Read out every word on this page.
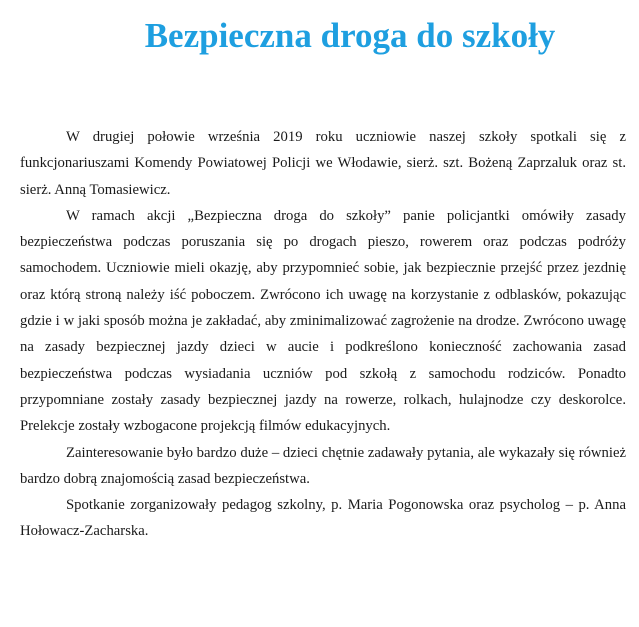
Bezpieczna droga do szkoły

W drugiej połowie września 2019 roku uczniowie naszej szkoły spotkali się z funkcjonariuszami Komendy Powiatowej Policji we Włodawie, sierż. szt. Bożeną Zaprzaluk oraz st. sierż. Anną Tomasiewicz.

W ramach akcji „Bezpieczna droga do szkoły” panie policjantki omówiły zasady bezpieczeństwa podczas poruszania się po drogach pieszo, rowerem oraz podczas podróży samochodem. Uczniowie mieli okazję, aby przypomnieć sobie, jak bezpiecznie przejść przez jezdnię oraz którą stroną należy iść poboczem. Zwrócono ich uwagę na korzystanie z odblasków, pokazując gdzie i w jaki sposób można je zakładać, aby zminimalizować zagrożenie na drodze. Zwrócono uwagę na zasady bezpiecznej jazdy dzieci w aucie i podkreślono konieczność zachowania zasad bezpieczeństwa podczas wysiadania uczniów pod szkołą z samochodu rodziców. Ponadto przypomniane zostały zasady bezpiecznej jazdy na rowerze, rolkach, hulajnodze czy deskorolce. Prelekcje zostały wzbogacone projekcją filmów edukacyjnych.

Zainteresowanie było bardzo duże – dzieci chętnie zadawały pytania, ale wykazały się również bardzo dobrą znajomością zasad bezpieczeństwa.

Spotkanie zorganizowały pedagog szkolny, p. Maria Pogonowska oraz psycholog – p. Anna Hołowacz-Zacharska.
